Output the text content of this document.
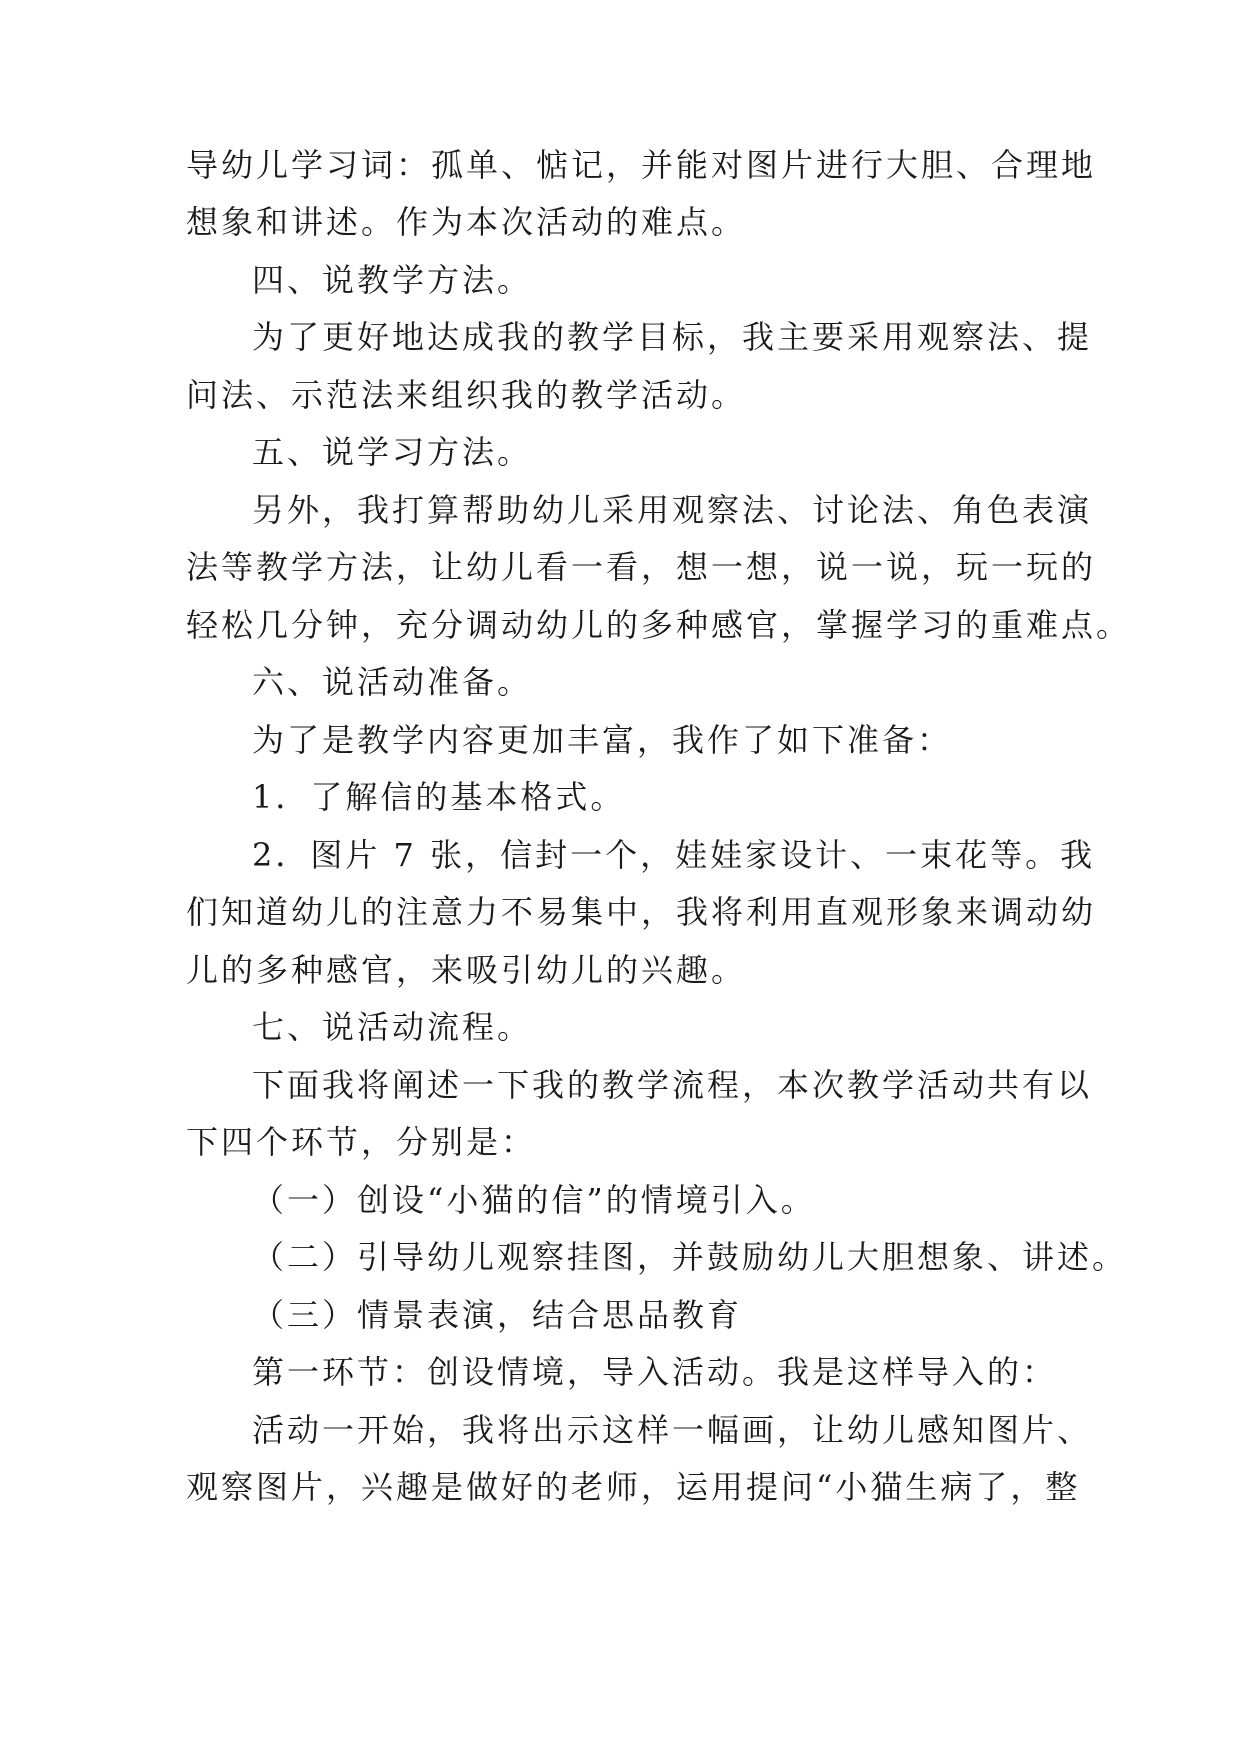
导幼儿学习词：孤单、惦记，并能对图片进行大胆、合理地
想象和讲述。作为本次活动的难点。
四、说教学方法。
为了更好地达成我的教学目标，我主要采用观察法、提
问法、示范法来组织我的教学活动。
五、说学习方法。
另外，我打算帮助幼儿采用观察法、讨论法、角色表演
法等教学方法，让幼儿看一看，想一想，说一说，玩一玩的
轻松几分钟，充分调动幼儿的多种感官，掌握学习的重难点。
六、说活动准备。
为了是教学内容更加丰富，我作了如下准备：
1．了解信的基本格式。
2．图片 7 张，信封一个，娃娃家设计、一束花等。我
们知道幼儿的注意力不易集中，我将利用直观形象来调动幼
儿的多种感官，来吸引幼儿的兴趣。
七、说活动流程。
下面我将阐述一下我的教学流程，本次教学活动共有以
下四个环节，分别是：
（一）创设“小猫的信”的情境引入。
（二）引导幼儿观察挂图，并鼓励幼儿大胆想象、讲述。
（三）情景表演，结合思品教育
第一环节：创设情境，导入活动。我是这样导入的：
活动一开始，我将出示这样一幅画，让幼儿感知图片、
观察图片，兴趣是做好的老师，运用提问“小猫生病了，整
